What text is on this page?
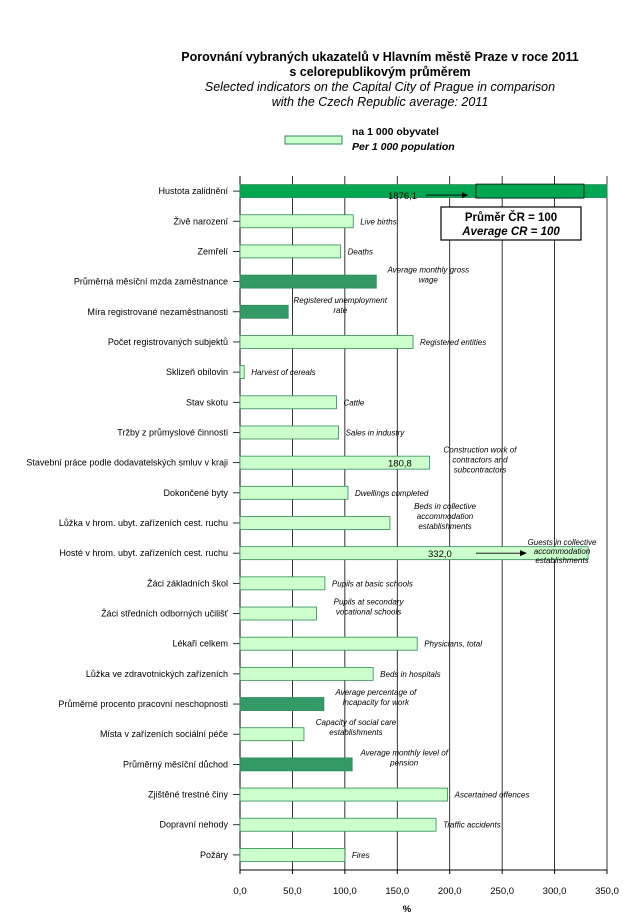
Porovnání vybraných ukazatelů v Hlavním městě Praze v roce 2011
s celorepublikovým průměrem
Selected indicators on the Capital City of Prague in comparison
with the Czech Republic average: 2011
Hustota zalidnění
Živě narození
Zemřelí
Průměrná měsíční mzda zaměstnance
Míra registrované nezaměstnanosti
Počet registrovaných subjektů
Sklizeň obilovin
Stav skotu
Tržby z průmyslové činnosti
Stavební práce podle dodavatelských smluv v kraji
Dokončené byty
Lůžka v hrom. ubyt. zařízeních cest. ruchu
Hosté v hrom. ubyt. zařízeních cest. ruchu
Žáci základních škol
Žáci středních odborných učilišť
Lékaři celkem
Lůžka ve zdravotnických zařízeních
Průměrné procento pracovní neschopnosti
Místa v zařízeních sociální péče
Průměrný měsíční důchod
Zjištěné trestné činy
Dopravní nehody
Požáry
Live births
Deaths
Average monthly gross
wage
Registered unemployment
rate
Registered entities
Harvest of cereals
Cattle
Sales in industry
Construction work of
contractors and
subcontractors
Dwellings completed
Beds in collective
accommodation
establishments
Guests in collective
accommodation
establishments
Pupils at basic schools
Pupils at secondary
vocational schools
Physicians, total
Beds in hospitals
Average percentage of
incapacity for work
Capacity of social care
establishments
Average monthly level of
pension
Ascertained offences
Traffic accidents
Fires
0,0	50,0	100,0	150,0	200,0	250,0	300,0	350,0
1876,1
180,8
332,0
na 1 000 obyvatel
Per 1 000 population
Průměr ČR = 100
Average CR = 100
%
